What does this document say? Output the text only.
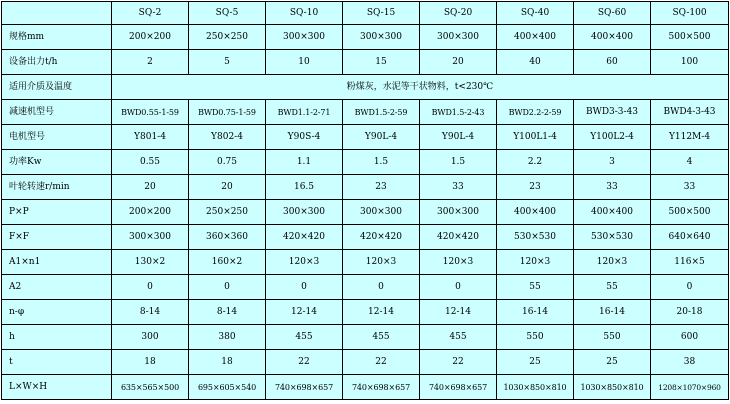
	SQ-2	SQ-5	SQ-10	SQ-15	SQ-20	SQ-40	SQ-60	SQ-100
规格mm	200×200	250×250	300×300	300×300	300×300	400×400	400×400	500×500
设备出力t/h	2	5	10	15	20	40	60	100
适用介质及温度	粉煤灰，水泥等干状物料，t<230℃							
减速机型号	BWD0.55-1-59	BWD0.75-1-59	BWD1.1-2-71	BWD1.5-2-59	BWD1.5-2-43	BWD2.2-2-59	BWD3-3-43	BWD4-3-43
电机型号	Y801-4	Y802-4	Y90S-4	Y90L-4	Y90L-4	Y100L1-4	Y100L2-4	Y112M-4
功率Kw	0.55	0.75	1.1	1.5	1.5	2.2	3	4
叶轮转速r/min	20	20	16.5	23	33	23	33	33
P×P	200×200	250×250	300×300	300×300	300×300	400×400	400×400	500×500
F×F	300×300	360×360	420×420	420×420	420×420	530×530	530×530	640×640
A1×n1	130×2	160×2	120×3	120×3	120×3	120×3	120×3	116×5
A2	0	0	0	0	0	55	55	0
n-φ	8-14	8-14	12-14	12-14	12-14	16-14	16-14	20-18
h	300	380	455	455	455	550	550	600
t	18	18	22	22	22	25	25	38
L×W×H	635×565×500	695×605×540	740×698×657	740×698×657	740×698×657	1030×850×810	1030×850×810	1208×1070×960
